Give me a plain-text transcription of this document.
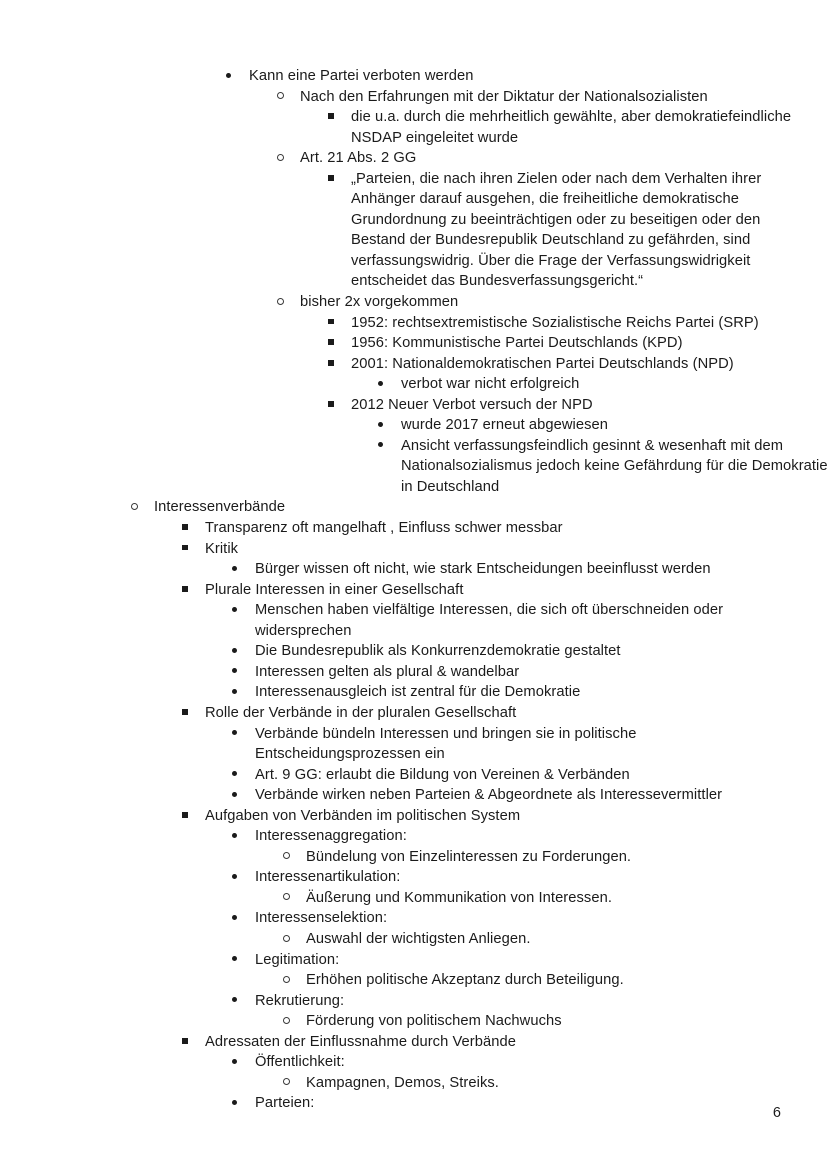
Kann eine Partei verboten werden
Nach den Erfahrungen mit der Diktatur der Nationalsozialisten
die u.a. durch die mehrheitlich gewählte, aber demokratiefeindliche NSDAP eingeleitet wurde
Art. 21 Abs. 2 GG
„Parteien, die nach ihren Zielen oder nach dem Verhalten ihrer Anhänger darauf ausgehen, die freiheitliche demokratische Grundordnung zu beeinträchtigen oder zu beseitigen oder den Bestand der Bundesrepublik Deutschland zu gefährden, sind verfassungswidrig. Über die Frage der Verfassungswidrigkeit entscheidet das Bundesverfassungsgericht.“
bisher 2x vorgekommen
1952: rechtsextremistische Sozialistische Reichs Partei (SRP)
1956: Kommunistische Partei Deutschlands (KPD)
2001: Nationaldemokratischen Partei Deutschlands (NPD)
verbot war nicht erfolgreich
2012 Neuer Verbot versuch der NPD
wurde 2017 erneut abgewiesen
Ansicht verfassungsfeindlich gesinnt & wesenhaft mit dem Nationalsozialismus jedoch keine Gefährdung für die Demokratie in Deutschland
Interessenverbände
Transparenz oft mangelhaft , Einfluss schwer messbar
Kritik
Bürger wissen oft nicht, wie stark Entscheidungen beeinflusst werden
Plurale Interessen in einer Gesellschaft
Menschen haben vielfältige Interessen, die sich oft überschneiden oder widersprechen
Die Bundesrepublik als Konkurrenzdemokratie gestaltet
Interessen gelten als plural & wandelbar
Interessenausgleich ist zentral für die Demokratie
Rolle der Verbände in der pluralen Gesellschaft
Verbände bündeln Interessen und bringen sie in politische Entscheidungsprozessen ein
Art. 9 GG: erlaubt die Bildung von Vereinen & Verbänden
Verbände wirken neben Parteien & Abgeordnete als Interessevermittler
Aufgaben von Verbänden im politischen System
Interessenaggregation:
Bündelung von Einzelinteressen zu Forderungen.
Interessenartikulation:
Äußerung und Kommunikation von Interessen.
Interessenselektion:
Auswahl der wichtigsten Anliegen.
Legitimation:
Erhöhen politische Akzeptanz durch Beteiligung.
Rekrutierung:
Förderung von politischem Nachwuchs
Adressaten der Einflussnahme durch Verbände
Öffentlichkeit:
Kampagnen, Demos, Streiks.
Parteien:
6
